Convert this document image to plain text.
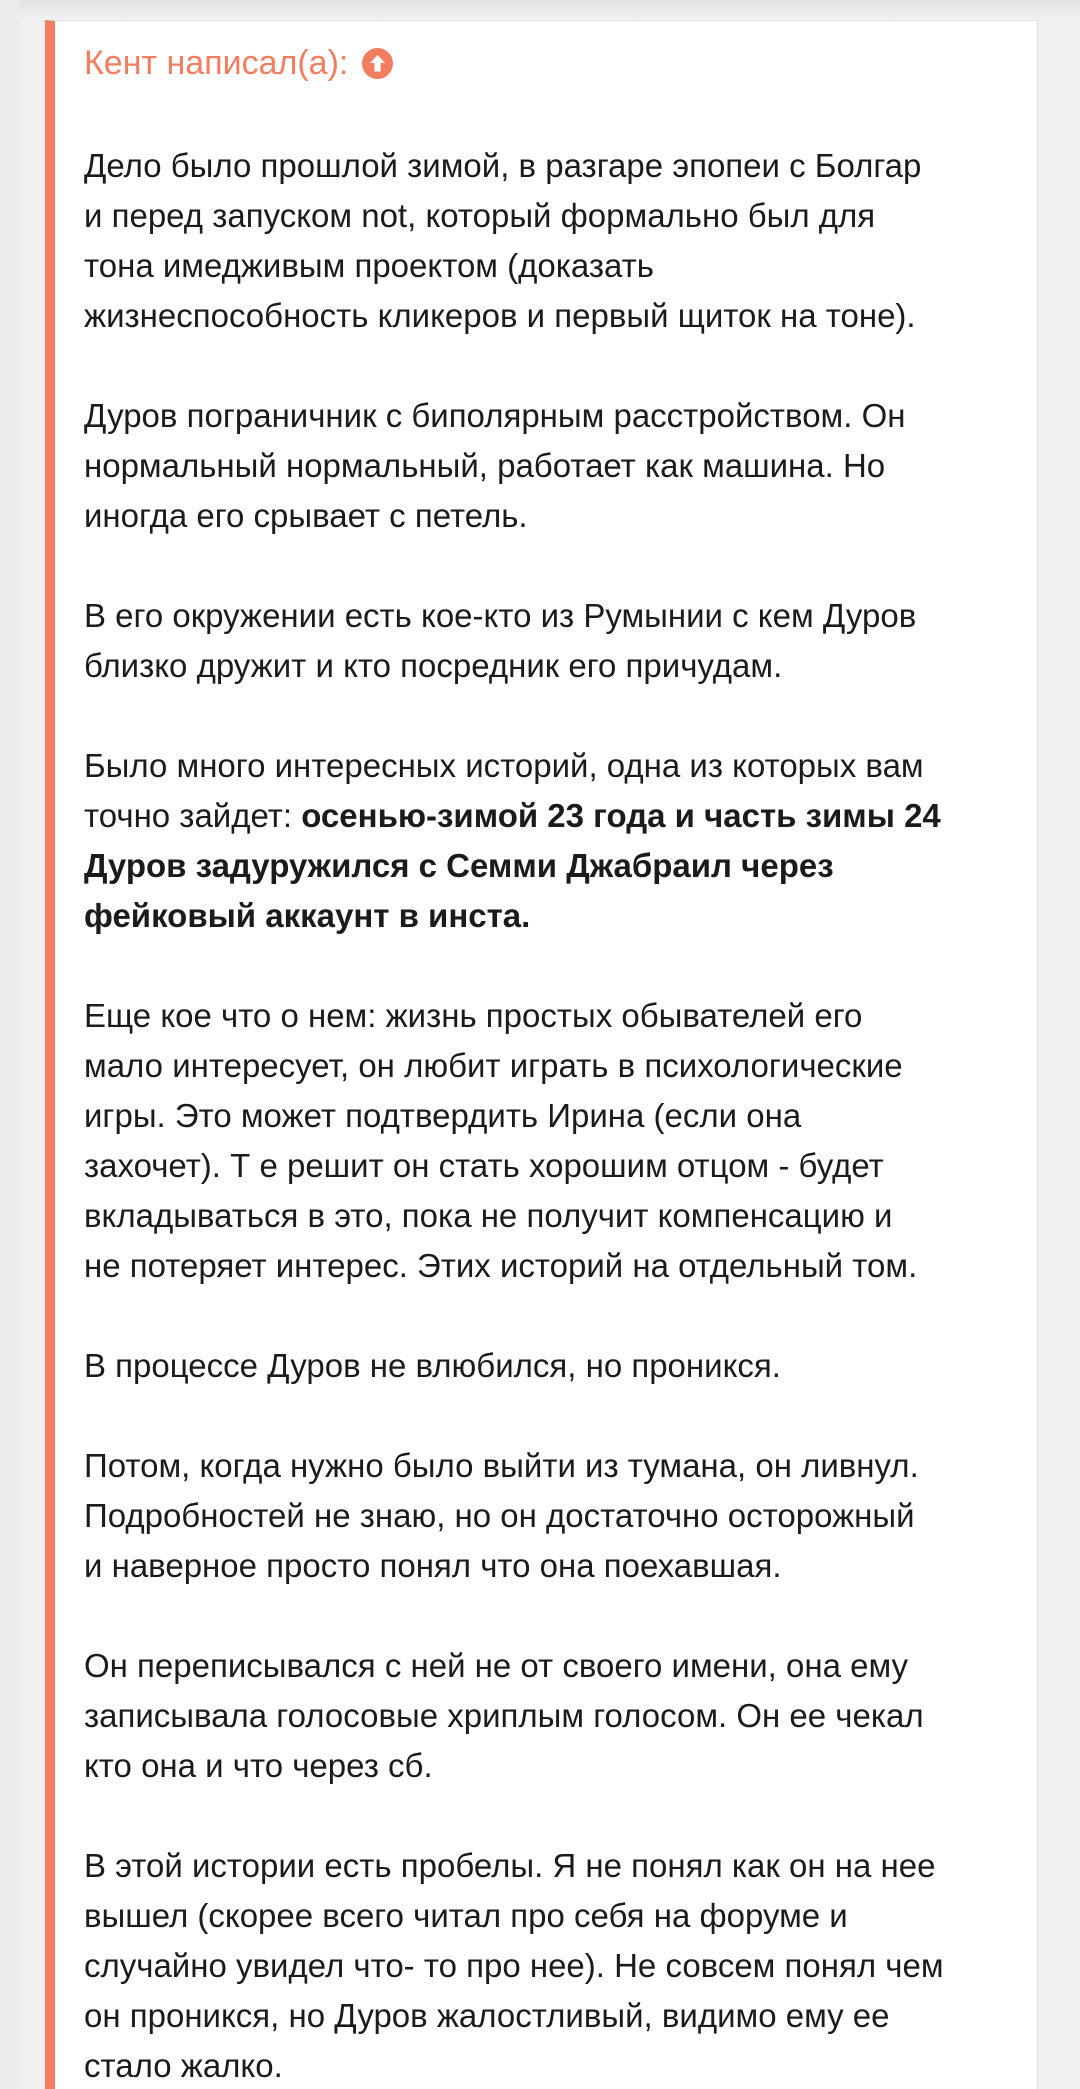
Кент написал(а):

Дело было прошлой зимой, в разгаре эпопеи с Болгар
и перед запуском not, который формально был для
тона имедживым проектом (доказать
жизнеспособность кликеров и первый щиток на тоне).

Дуров пограничник с биполярным расстройством. Он
нормальный нормальный, работает как машина. Но
иногда его срывает с петель.

В его окружении есть кое-кто из Румынии с кем Дуров
близко дружит и кто посредник его причудам.

Было много интересных историй, одна из которых вам
точно зайдет: осенью-зимой 23 года и часть зимы 24
Дуров задуружился с Семми Джабраил через
фейковый аккаунт в инста.

Еще кое что о нем: жизнь простых обывателей его
мало интересует, он любит играть в психологические
игры. Это может подтвердить Ирина (если она
захочет). Т е решит он стать хорошим отцом - будет
вкладываться в это, пока не получит компенсацию и
не потеряет интерес. Этих историй на отдельный том.

В процессе Дуров не влюбился, но проникся.

Потом, когда нужно было выйти из тумана, он ливнул.
Подробностей не знаю, но он достаточно осторожный
и наверное просто понял что она поехавшая.

Он переписывался с ней не от своего имени, она ему
записывала голосовые хриплым голосом. Он ее чекал
кто она и что через сб.

В этой истории есть пробелы. Я не понял как он на нее
вышел (скорее всего читал про себя на форуме и
случайно увидел что- то про нее). Не совсем понял чем
он проникся, но Дуров жалостливый, видимо ему ее
стало жалко.
